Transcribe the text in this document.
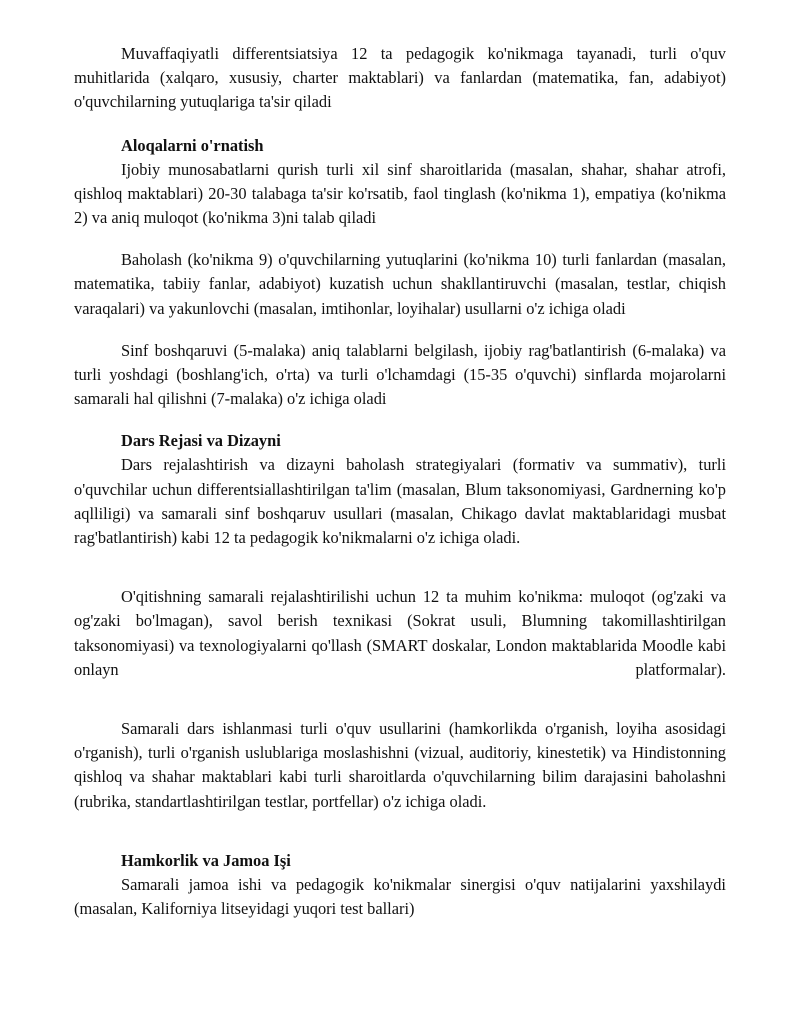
Muvaffaqiyatli differentsiatsiya 12 ta pedagogik ko'nikmaga tayanadi, turli o'quv muhitlarida (xalqaro, xususiy, charter maktablari) va fanlardan (matematika, fan, adabiyot) o'quvchilarning yutuqlariga ta'sir qiladi

Aloqalarni o'rnatish

Ijobiy munosabatlarni qurish turli xil sinf sharoitlarida (masalan, shahar, shahar atrofi, qishloq maktablari) 20-30 talabaga ta'sir ko'rsatib, faol tinglash (ko'nikma 1), empatiya (ko'nikma 2) va aniq muloqot (ko'nikma 3)ni talab qiladi

Baholash (ko'nikma 9) o'quvchilarning yutuqlarini (ko'nikma 10) turli fanlardan (masalan, matematika, tabiiy fanlar, adabiyot) kuzatish uchun shakllantiruvchi (masalan, testlar, chiqish varaqalari) va yakunlovchi (masalan, imtihonlar, loyihalar) usullarni o'z ichiga oladi

Sinf boshqaruvi (5-malaka) aniq talablarni belgilash, ijobiy rag'batlantirish (6-malaka) va turli yoshdagi (boshlang'ich, o'rta) va turli o'lchamdagi (15-35 o'quvchi) sinflarda mojarolarni samarali hal qilishni (7-malaka) o'z ichiga oladi

Dars Rejasi va Dizayni

Dars rejalashtirish va dizayni baholash strategiyalari (formativ va summativ), turli o'quvchilar uchun differentsiallashtirilgan ta'lim (masalan, Blum taksonomiyasi, Gardnerning ko'p aqlliligi) va samarali sinf boshqaruv usullari (masalan, Chikago davlat maktablaridagi musbat rag'batlantirish) kabi 12 ta pedagogik ko'nikmalarni o'z ichiga oladi.

O'qitishning samarali rejalashtirilishi uchun 12 ta muhim ko'nikma: muloqot (og'zaki va og'zaki bo'lmagan), savol berish texnikasi (Sokrat usuli, Blumning takomillashtirilgan taksonomiyasi) va texnologiyalarni qo'llash (SMART doskalar, London maktablarida Moodle kabi onlayn platformalar).

Samarali dars ishlanmasi turli o'quv usullarini (hamkorlikda o'rganish, loyiha asosidagi o'rganish), turli o'rganish uslublariga moslashishni (vizual, auditoriy, kinestetik) va Hindistonning qishloq va shahar maktablari kabi turli sharoitlarda o'quvchilarning bilim darajasini baholashni (rubrika, standartlashtirilgan testlar, portfellar) o'z ichiga oladi.

Hamkorlik va Jamoa Işi

Samarali jamoa ishi va pedagogik ko'nikmalar sinergisi o'quv natijalarini yaxshilaydi (masalan, Kaliforniya litseyidagi yuqori test ballari)
